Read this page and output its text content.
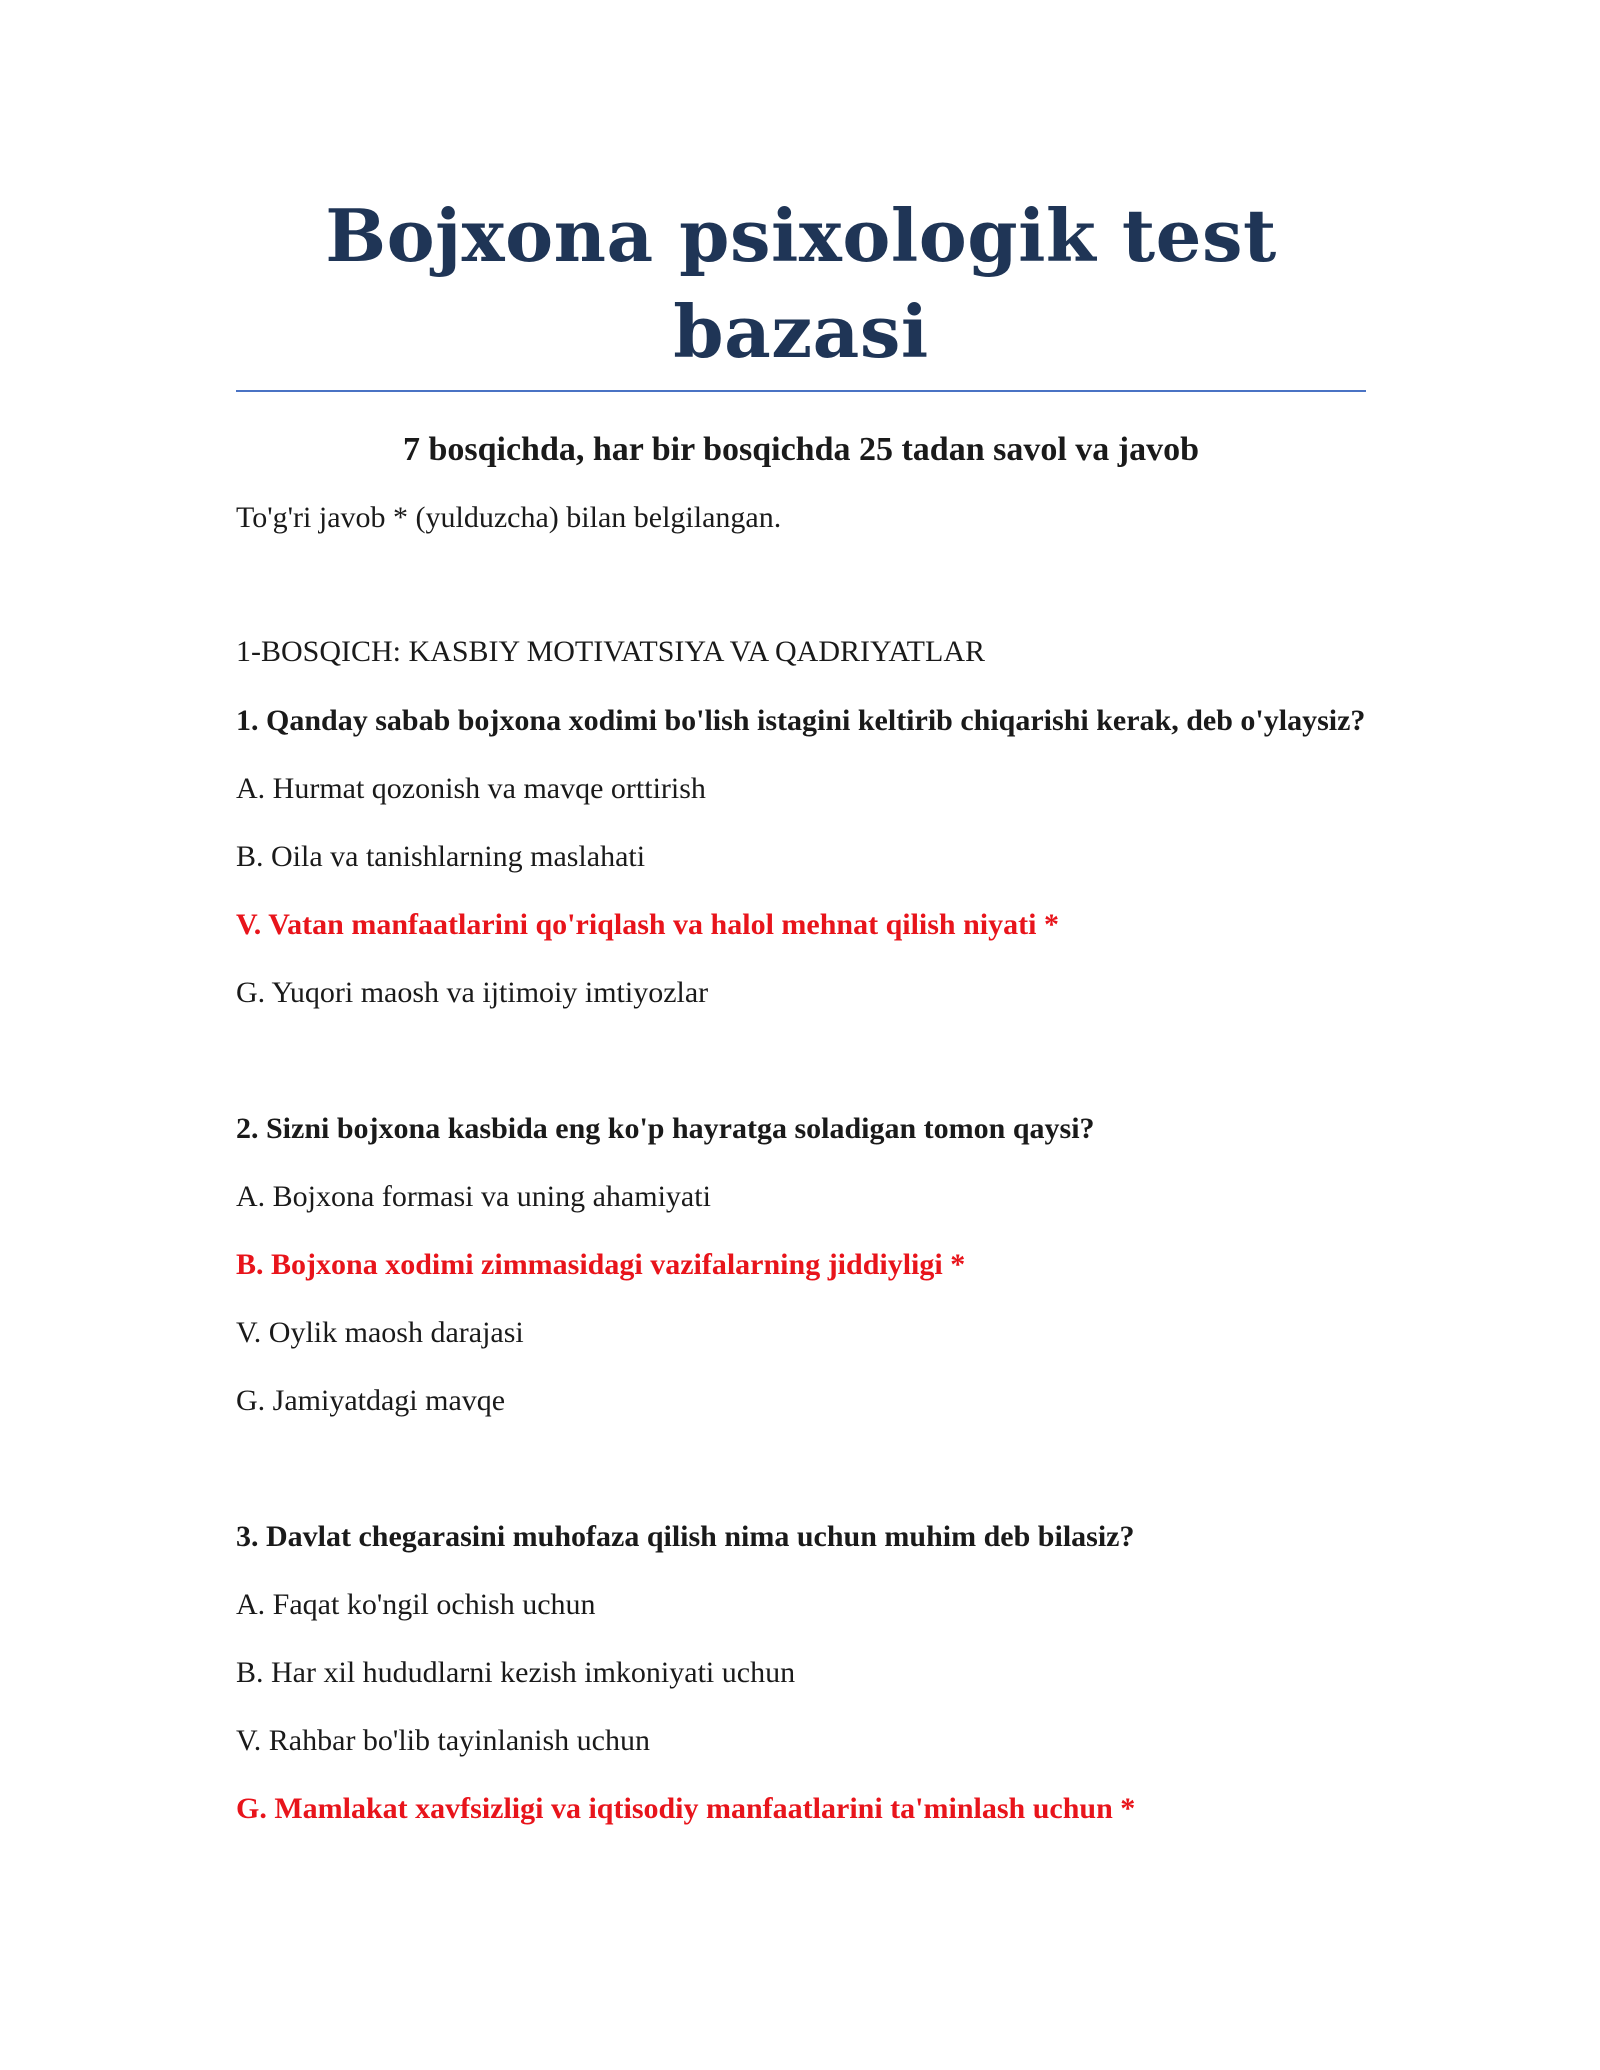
Bojxona psixologik test bazasi

7 bosqichda, har bir bosqichda 25 tadan savol va javob

To'g'ri javob * (yulduzcha) bilan belgilangan.

1-BOSQICH: KASBIY MOTIVATSIYA VA QADRIYATLAR

1. Qanday sabab bojxona xodimi bo'lish istagini keltirib chiqarishi kerak, deb o'ylaysiz?

A. Hurmat qozonish va mavqe orttirish

B. Oila va tanishlarning maslahati

V. Vatan manfaatlarini qo'riqlash va halol mehnat qilish niyati *

G. Yuqori maosh va ijtimoiy imtiyozlar

2. Sizni bojxona kasbida eng ko'p hayratga soladigan tomon qaysi?

A. Bojxona formasi va uning ahamiyati

B. Bojxona xodimi zimmasidagi vazifalarning jiddiyligi *

V. Oylik maosh darajasi

G. Jamiyatdagi mavqe

3. Davlat chegarasini muhofaza qilish nima uchun muhim deb bilasiz?

A. Faqat ko'ngil ochish uchun

B. Har xil hududlarni kezish imkoniyati uchun

V. Rahbar bo'lib tayinlanish uchun

G. Mamlakat xavfsizligi va iqtisodiy manfaatlarini ta'minlash uchun *
